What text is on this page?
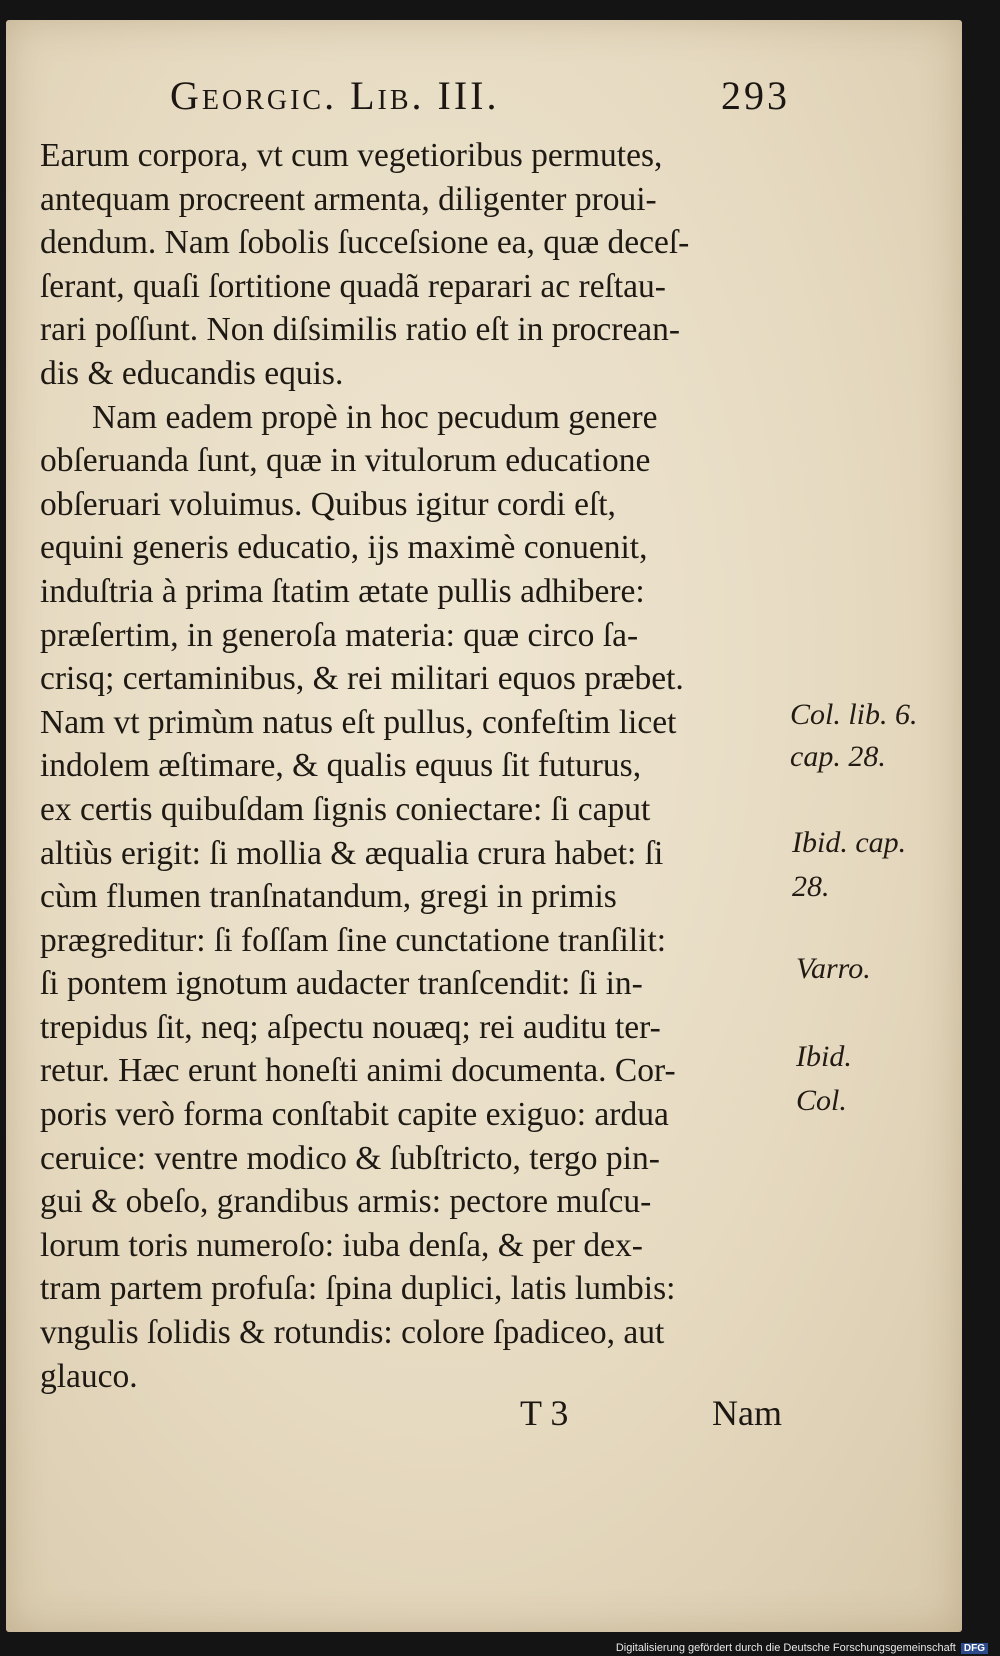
Georgic. Lib. III.	293
Earum corpora, vt cum vegetioribus permutes,
antequam procreent armenta, diligenter proui-
dendum. Nam ſobolis ſucceſsione ea, quæ deceſ-
ſerant, quaſi ſortitione quadã reparari ac reſtau-
rari poſſunt. Non diſsimilis ratio eſt in procrean-
dis & educandis equis.
Nam eadem propè in hoc pecudum genere
obſeruanda ſunt, quæ in vitulorum educatione
obſeruari voluimus. Quibus igitur cordi eſt,
equini generis educatio, ijs maximè conuenit,
induſtria à prima ſtatim ætate pullis adhibere:
præſertim, in generoſa materia: quæ circo ſa-
crisq; certaminibus, & rei militari equos præbet.
Nam vt primùm natus eſt pullus, confeſtim licet
indolem æſtimare, & qualis equus ſit futurus,
ex certis quibuſdam ſignis coniectare: ſi caput
altiùs erigit: ſi mollia & æqualia crura habet: ſi
cùm flumen tranſnatandum, gregi in primis
prægreditur: ſi foſſam ſine cunctatione tranſilit:
ſi pontem ignotum audacter tranſcendit: ſi in-
trepidus ſit, neq; aſpectu nouæq; rei auditu ter-
retur. Hæc erunt honeſti animi documenta. Cor-
poris verò forma conſtabit capite exiguo: ardua
ceruice: ventre modico & ſubſtricto, tergo pin-
gui & obeſo, grandibus armis: pectore muſcu-
lorum toris numeroſo: iuba denſa, & per dex-
tram partem profuſa: ſpina duplici, latis lumbis:
vngulis ſolidis & rotundis: colore ſpadiceo, aut
glauco.
Col. lib. 6.
cap. 28.
Ibid. cap.
28.
Varro.
Ibid.
Col.
T 3	Nam
Digitalisierung gefördert durch die Deutsche Forschungsgemeinschaft DFG
